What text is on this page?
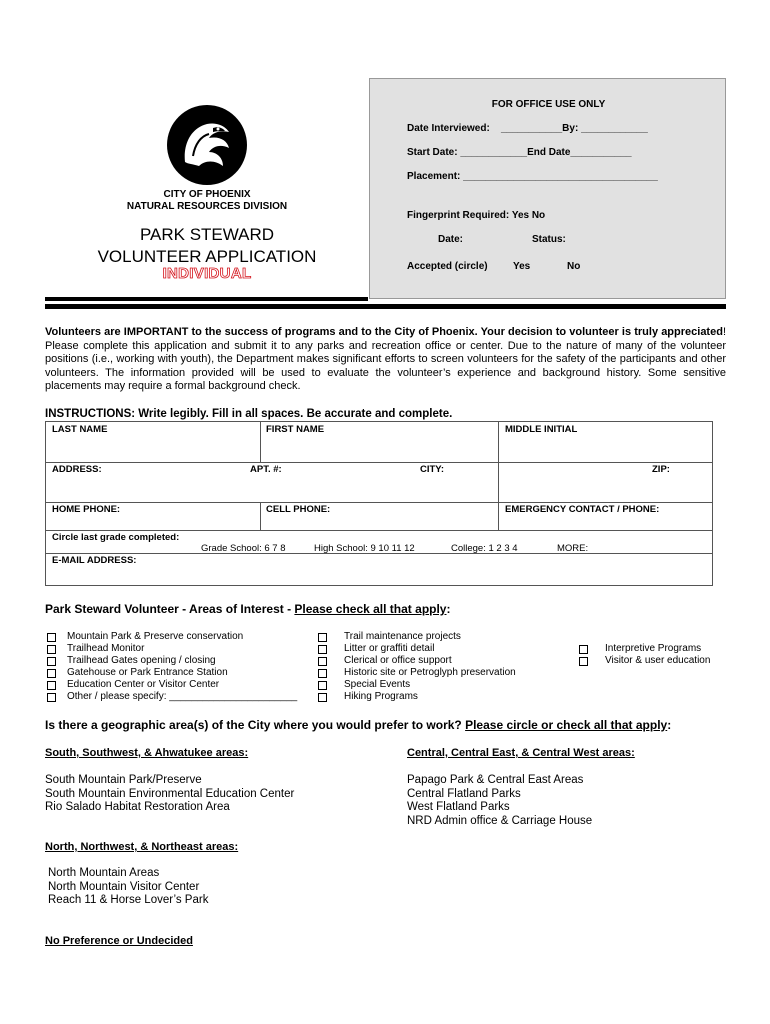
CITY OF PHOENIX
NATURAL RESOURCES DIVISION
PARK STEWARD
VOLUNTEER APPLICATION
INDIVIDUAL
FOR OFFICE USE ONLY
Date Interviewed: ___________By: ____________
Start Date: ____________End Date___________
Placement: ___________________________________
Fingerprint Required: Yes No
Date:	Status:
Accepted (circle)	Yes	No
Volunteers are IMPORTANT to the success of programs and to the City of Phoenix. Your decision to volunteer is truly appreciated! Please complete this application and submit it to any parks and recreation office or center. Due to the nature of many of the volunteer positions (i.e., working with youth), the Department makes significant efforts to screen volunteers for the safety of the participants and other volunteers. The information provided will be used to evaluate the volunteer’s experience and background history. Some sensitive placements may require a formal background check.
INSTRUCTIONS: Write legibly. Fill in all spaces. Be accurate and complete.
LAST NAME	FIRST NAME	MIDDLE INITIAL
ADDRESS:	APT. #:	CITY:	ZIP:
HOME PHONE:	CELL PHONE:	EMERGENCY CONTACT / PHONE:
Circle last grade completed:
Grade School: 6 7 8	High School: 9 10 11 12	College: 1 2 3 4	MORE:
E-MAIL ADDRESS:
Park Steward Volunteer - Areas of Interest - Please check all that apply:
Mountain Park & Preserve conservation
Trailhead Monitor
Trailhead Gates opening / closing
Gatehouse or Park Entrance Station
Education Center or Visitor Center
Other / please specify: _______________________
Trail maintenance projects
Litter or graffiti detail
Clerical or office support
Historic site or Petroglyph preservation
Special Events
Hiking Programs
Interpretive Programs
Visitor & user education
Is there a geographic area(s) of the City where you would prefer to work? Please circle or check all that apply:
South, Southwest, & Ahwatukee areas:
South Mountain Park/Preserve
South Mountain Environmental Education Center
Rio Salado Habitat Restoration Area
Central, Central East, & Central West areas:
Papago Park & Central East Areas
Central Flatland Parks
West Flatland Parks
NRD Admin office & Carriage House
North, Northwest, & Northeast areas:
North Mountain Areas
North Mountain Visitor Center
Reach 11 & Horse Lover’s Park
No Preference or Undecided
